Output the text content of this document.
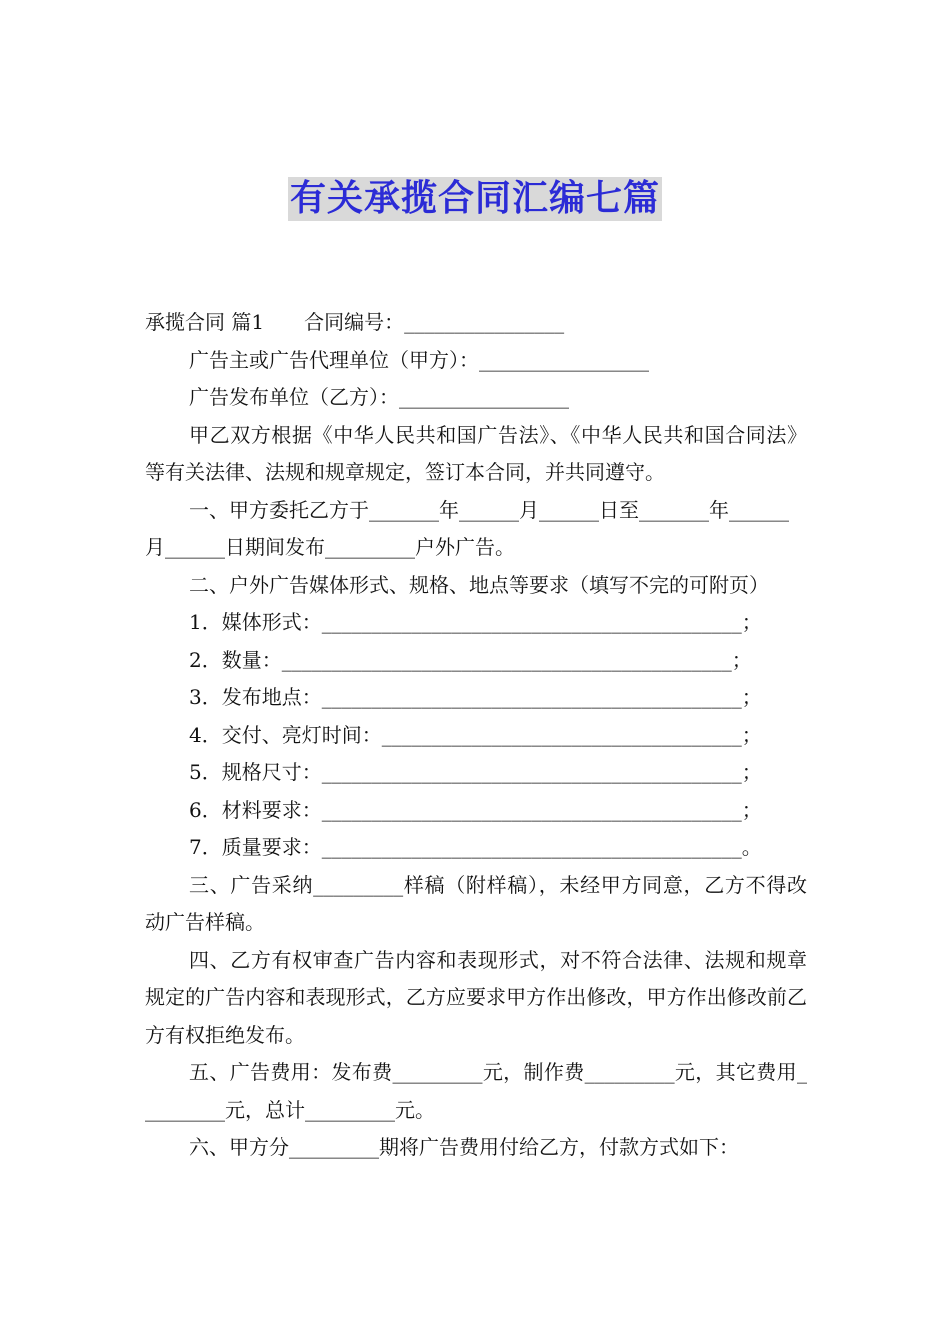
有关承揽合同汇编七篇

承揽合同 篇1　　合同编号：________________

广告主或广告代理单位（甲方）：_________________

广告发布单位（乙方）：_________________

甲乙双方根据《中华人民共和国广告法》、《中华人民共和国合同法》等有关法律、法规和规章规定，签订本合同，并共同遵守。

一、甲方委托乙方于_______年______月______日至_______年______月______日期间发布_________户外广告。

二、户外广告媒体形式、规格、地点等要求（填写不完的可附页）

1．媒体形式：__________________________________________；

2．数量：_____________________________________________；

3．发布地点：__________________________________________；

4．交付、亮灯时间：____________________________________；

5．规格尺寸：__________________________________________；

6．材料要求：__________________________________________；

7．质量要求：__________________________________________。

三、广告采纳_________样稿（附样稿），未经甲方同意，乙方不得改动广告样稿。

四、乙方有权审查广告内容和表现形式，对不符合法律、法规和规章规定的广告内容和表现形式，乙方应要求甲方作出修改，甲方作出修改前乙方有权拒绝发布。

五、广告费用：发布费_________元，制作费_________元，其它费用_________元，总计_________元。

六、甲方分_________期将广告费用付给乙方，付款方式如下：
